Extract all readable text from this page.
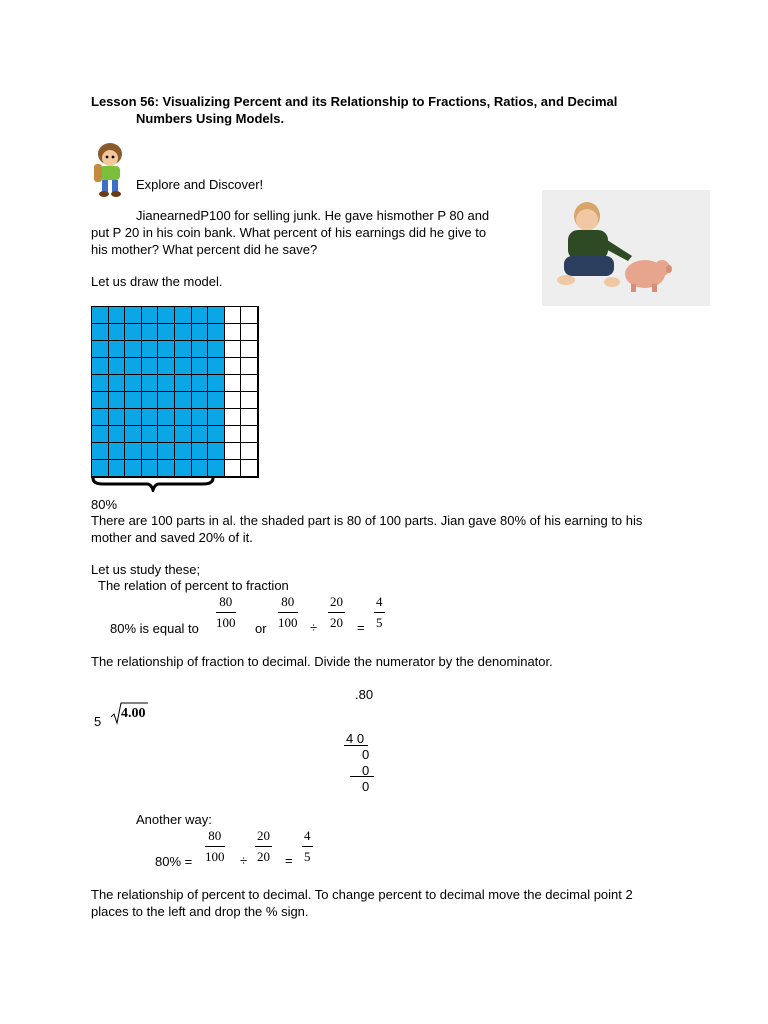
Lesson 56: Visualizing Percent and its Relationship to Fractions, Ratios, and Decimal
Numbers Using Models.
Explore and Discover!
JianearnedP100 for selling junk. He gave hismother P 80 and
put P 20 in his coin bank. What percent of his earnings did he give to
his mother? What percent did he save?
Let us draw the model.
80%
There are 100 parts in al. the shaded part is 80 of 100 parts. Jian gave 80% of his earning to his
mother and saved 20% of it.
Let us study these;
The relation of percent to fraction
80% is equal to $\frac{80}{100}$ or $\frac{80}{100} \div \frac{20}{20} = \frac{4}{5}$
The relationship of fraction to decimal. Divide the numerator by the denominator.
.80
5
4.00
4 0
0
0
0
Another way:
$80\% = \frac{80}{100} \div \frac{20}{20} = \frac{4}{5}$
The relationship of percent to decimal. To change percent to decimal move the decimal point 2
places to the left and drop the % sign.
